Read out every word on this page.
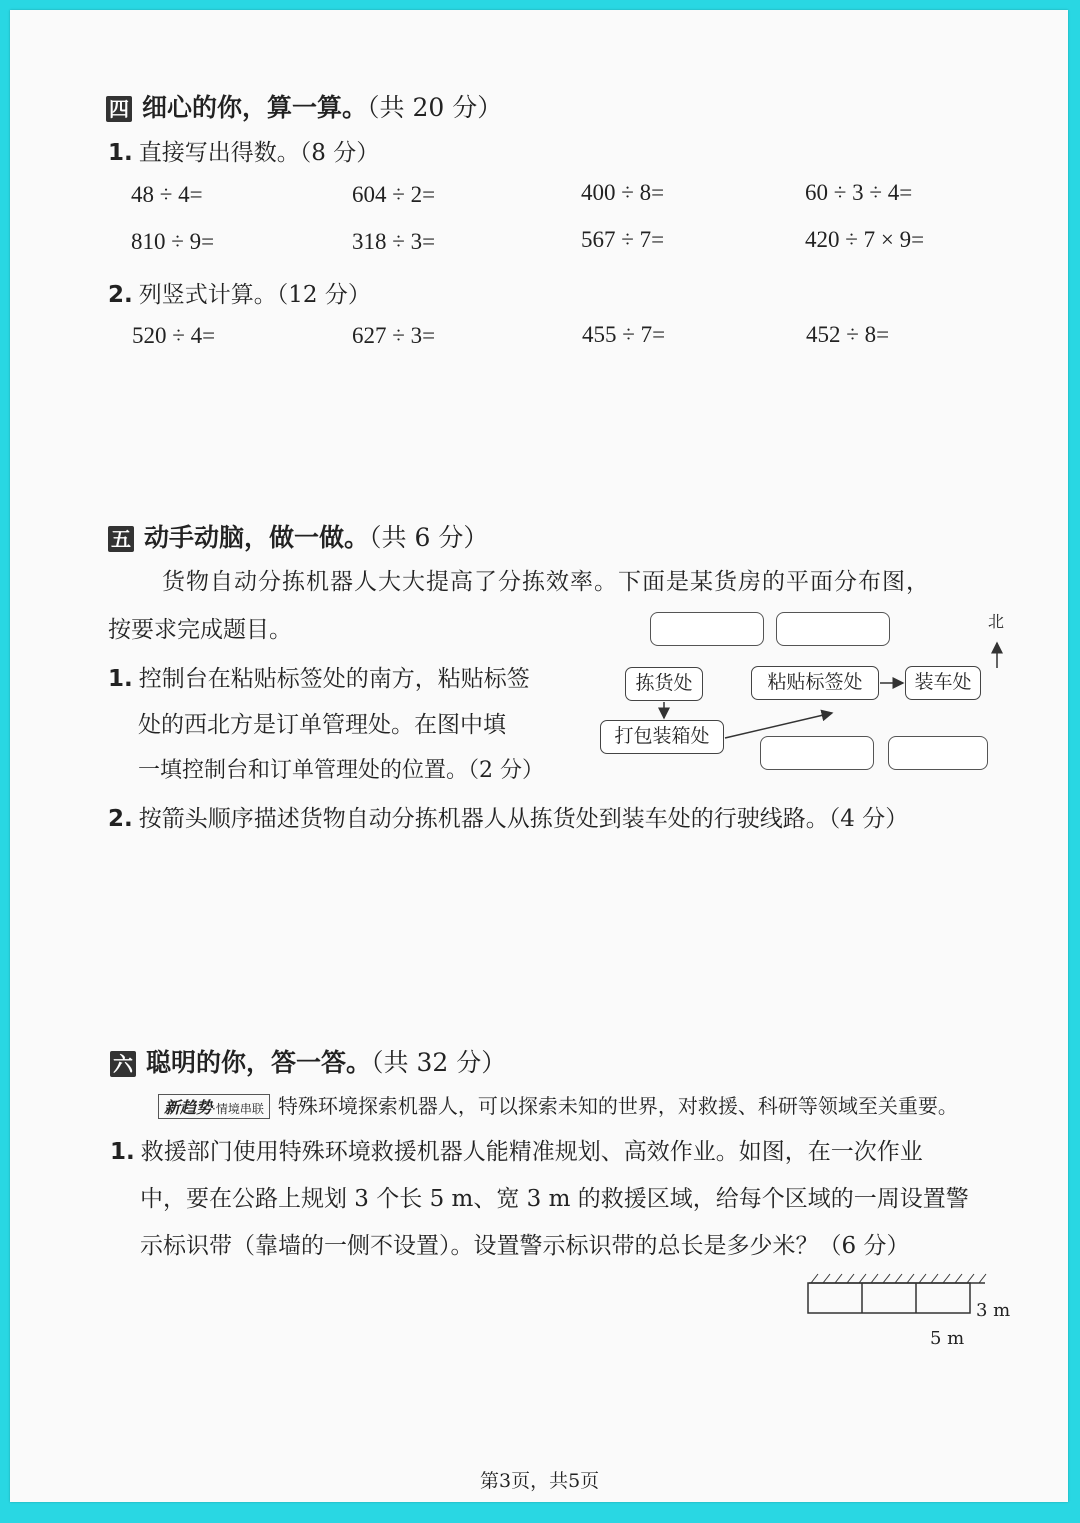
四 细心的你，算一算。（共 20 分）
1. 直接写出得数。（8 分）
48 ÷ 4=	604 ÷ 2=	400 ÷ 8=	60 ÷ 3 ÷ 4=
810 ÷ 9=	318 ÷ 3=	567 ÷ 7=	420 ÷ 7 × 9=
2. 列竖式计算。（12 分）
520 ÷ 4=	627 ÷ 3=	455 ÷ 7=	452 ÷ 8=
五 动手动脑，做一做。（共 6 分）
货物自动分拣机器人大大提高了分拣效率。下面是某货房的平面分布图，
按要求完成题目。
1. 控制台在粘贴标签处的南方，粘贴标签
处的西北方是订单管理处。在图中填
一填控制台和订单管理处的位置。（2 分）
2. 按箭头顺序描述货物自动分拣机器人从拣货处到装车处的行驶线路。（4 分）
拣货处	粘贴标签处	装车处
打包装箱处
北
六 聪明的你，答一答。（共 32 分）
新趋势·情境串联 特殊环境探索机器人，可以探索未知的世界，对救援、科研等领域至关重要。
1. 救援部门使用特殊环境救援机器人能精准规划、高效作业。如图，在一次作业
中，要在公路上规划 3 个长 5 m、宽 3 m 的救援区域，给每个区域的一周设置警
示标识带（靠墙的一侧不设置）。设置警示标识带的总长是多少米？（6 分）
3 m
5 m
第3页，共5页
